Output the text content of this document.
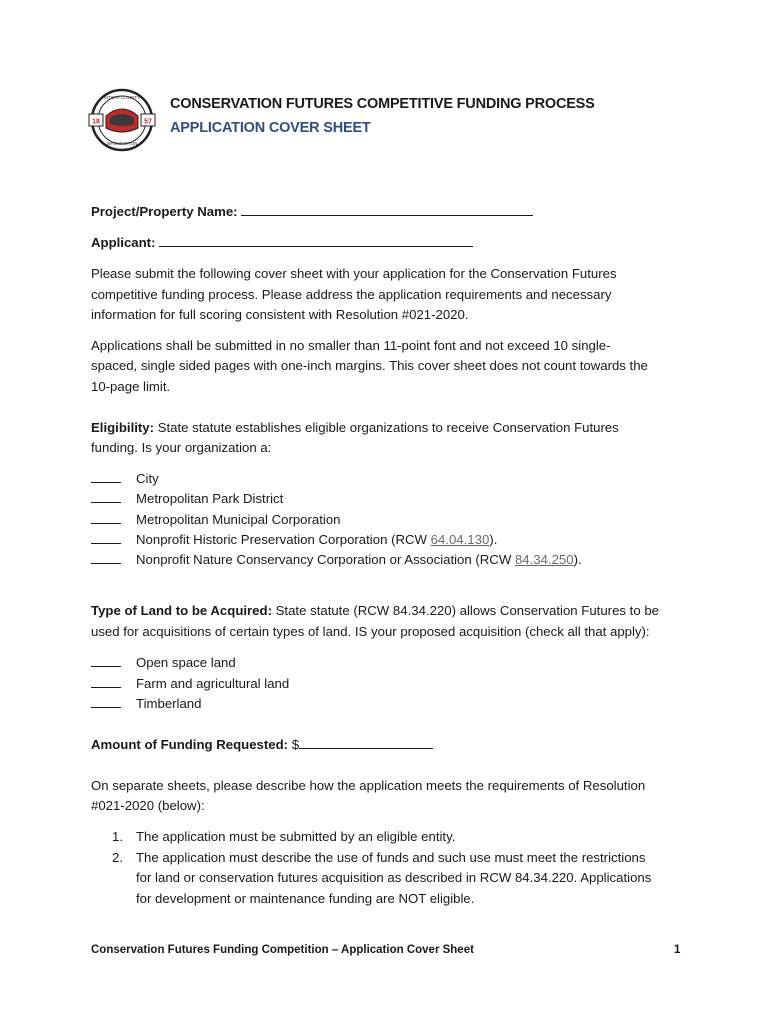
18	57
KITSAP COUNTY
WASHINGTON
CONSERVATION FUTURES COMPETITIVE FUNDING PROCESS
APPLICATION COVER SHEET
Project/Property Name:
Applicant:
Please submit the following cover sheet with your application for the Conservation Futures
competitive funding process. Please address the application requirements and necessary
information for full scoring consistent with Resolution #021-2020.
Applications shall be submitted in no smaller than 11-point font and not exceed 10 single-
spaced, single sided pages with one-inch margins. This cover sheet does not count towards the
10-page limit.
Eligibility: State statute establishes eligible organizations to receive Conservation Futures
funding. Is your organization a:
City
Metropolitan Park District
Metropolitan Municipal Corporation
Nonprofit Historic Preservation Corporation (RCW 64.04.130).
Nonprofit Nature Conservancy Corporation or Association (RCW 84.34.250).
Type of Land to be Acquired: State statute (RCW 84.34.220) allows Conservation Futures to be
used for acquisitions of certain types of land. IS your proposed acquisition (check all that apply):
Open space land
Farm and agricultural land
Timberland
Amount of Funding Requested: $
On separate sheets, please describe how the application meets the requirements of Resolution
#021-2020 (below):
1. The application must be submitted by an eligible entity.
2. The application must describe the use of funds and such use must meet the restrictions
for land or conservation futures acquisition as described in RCW 84.34.220. Applications
for development or maintenance funding are NOT eligible.
Conservation Futures Funding Competition – Application Cover Sheet	1
